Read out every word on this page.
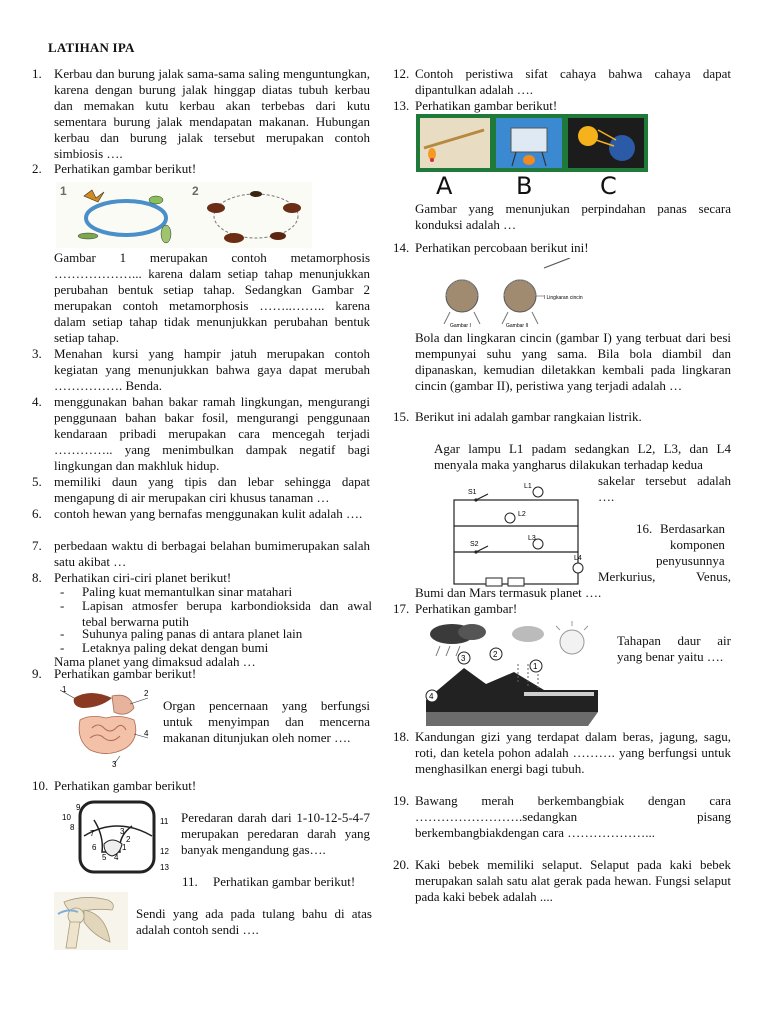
LATIHAN IPA
1. Kerbau dan burung jalak sama-sama saling menguntungkan, karena dengan burung jalak hinggap diatas tubuh kerbau dan memakan kutu kerbau akan terbebas dari kutu sementara burung jalak mendapatan makanan. Hubungan kerbau dan burung jalak tersebut merupakan contoh simbiosis ….
2. Perhatikan gambar berikut!
1	2
Gambar 1 merupakan contoh metamorphosis ………………... karena dalam setiap tahap menunjukkan perubahan bentuk setiap tahap. Sedangkan Gambar 2 merupakan contoh metamorphosis ……..…….. karena dalam setiap tahap tidak menunjukkan perubahan bentuk setiap tahap.
3. Menahan kursi yang hampir jatuh merupakan contoh kegiatan yang menunjukkan bahwa gaya dapat merubah ……………. Benda.
4. menggunakan bahan bakar ramah lingkungan, mengurangi penggunaan bahan bakar fosil, mengurangi penggunaan kendaraan pribadi merupakan cara mencegah terjadi ………….. yang menimbulkan dampak negatif bagi lingkungan dan makhluk hidup.
5. memiliki daun yang tipis dan lebar sehingga dapat mengapung di air merupakan ciri khusus tanaman …
6. contoh hewan yang bernafas menggunakan kulit adalah ….
7. perbedaan waktu di berbagai belahan bumimerupakan salah satu akibat …
8. Perhatikan ciri-ciri planet berikut!
- Paling kuat memantulkan sinar matahari
- Lapisan atmosfer berupa karbondioksida dan awal tebal berwarna putih
- Suhunya paling panas di antara planet lain
- Letaknya paling dekat dengan bumi
Nama planet yang dimaksud adalah …
9. Perhatikan gambar berikut!
1	2
3
4
Organ pencernaan yang berfungsi untuk menyimpan dan mencerna makanan ditunjukan oleh nomer ….
10. Perhatikan gambar berikut!
10
9
8
7
6
5 4
1
2
3
11
12
13
Peredaran darah dari 1-10-12-5-4-7 merupakan peredaran darah yang banyak mengandung gas….
11.	Perhatikan gambar berikut!
Sendi yang ada pada tulang bahu di atas adalah contoh sendi ….
12. Contoh peristiwa sifat cahaya bahwa cahaya dapat dipantulkan adalah ….
13. Perhatikan gambar berikut!
A	B	C
Gambar yang menunjukan perpindahan panas secara konduksi adalah …
14. Perhatikan percobaan berikut ini!
l Lingkaran cincin
Gambar I	Gambar II
Bola dan lingkaran cincin (gambar I) yang terbuat dari besi mempunyai suhu yang sama. Bila bola diambil dan dipanaskan, kemudian diletakkan kembali pada lingkaran cincin (gambar II), peristiwa yang terjadi adalah …
15. Berikut ini adalah gambar rangkaian listrik.
Agar lampu L1 padam sedangkan L2, L3, dan L4 menyala maka yangharus dilakukan terhadap kedua
sakelar tersebut adalah ….
S1
S2
L1
L2
L3
L4
16. Berdasarkan
komponen
penyusunnya
Merkurius, Venus,
Bumi dan Mars termasuk planet ….
17. Perhatikan gambar!
1
2
3
4
Tahapan daur air yang benar yaitu ….
18. Kandungan gizi yang terdapat dalam beras, jagung, sagu, roti, dan ketela pohon adalah ………. yang berfungsi untuk menghasilkan energi bagi tubuh.
19. Bawang merah berkembangbiak dengan cara
…………………….sedangkan pisang
berkembangbiakdengan cara ………………...
20. Kaki bebek memiliki selaput. Selaput pada kaki bebek merupakan salah satu alat gerak pada hewan. Fungsi selaput pada kaki bebek adalah ....
